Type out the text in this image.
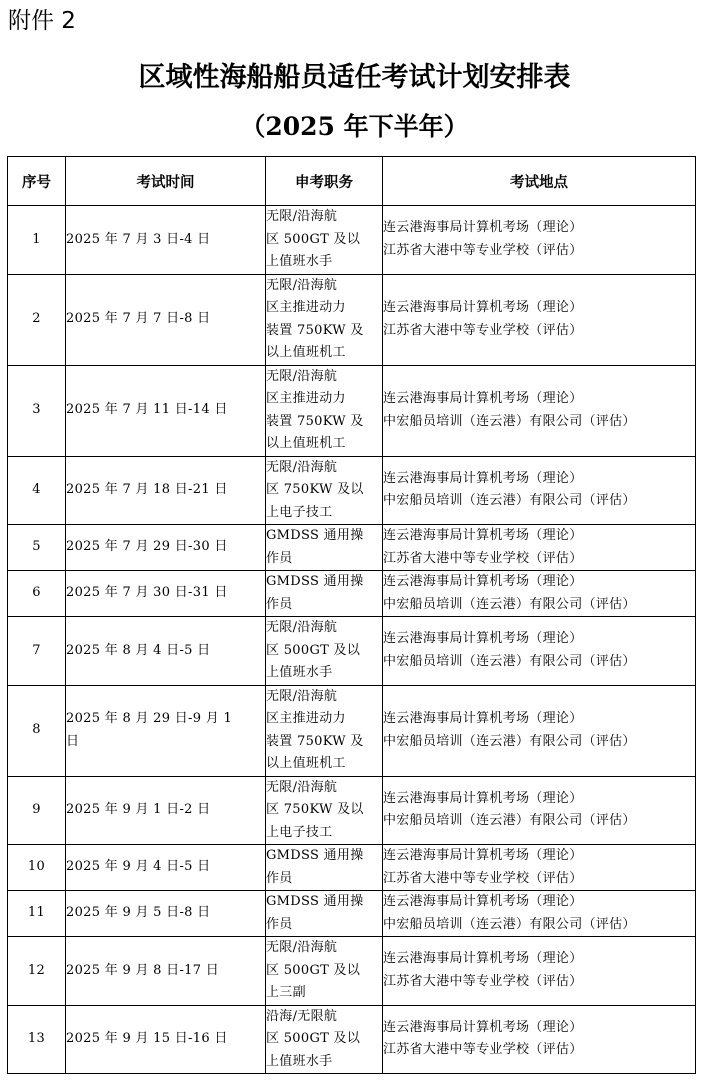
附件 2
区域性海船船员适任考试计划安排表
（2025 年下半年）
序号	考试时间	申考职务	考试地点
1	2025 年 7 月 3 日-4 日	无限/沿海航
区 500GT 及以
上值班水手	连云港海事局计算机考场（理论）
江苏省大港中等专业学校（评估）

2	2025 年 7 月 7 日-8 日	无限/沿海航
区主推进动力
装置 750KW 及
以上值班机工	连云港海事局计算机考场（理论）
江苏省大港中等专业学校（评估）

3	2025 年 7 月 11 日-14 日	无限/沿海航
区主推进动力
装置 750KW 及
以上值班机工	连云港海事局计算机考场（理论）
中宏船员培训（连云港）有限公司（评估）

4	2025 年 7 月 18 日-21 日	无限/沿海航
区 750KW 及以
上电子技工	连云港海事局计算机考场（理论）
中宏船员培训（连云港）有限公司（评估）

5	2025 年 7 月 29 日-30 日	GMDSS 通用操
作员	连云港海事局计算机考场（理论）
江苏省大港中等专业学校（评估）

6	2025 年 7 月 30 日-31 日	GMDSS 通用操
作员	连云港海事局计算机考场（理论）
中宏船员培训（连云港）有限公司（评估）

7	2025 年 8 月 4 日-5 日	无限/沿海航
区 500GT 及以
上值班水手	连云港海事局计算机考场（理论）
中宏船员培训（连云港）有限公司（评估）

8	2025 年 8 月 29 日-9 月 1
日	无限/沿海航
区主推进动力
装置 750KW 及
以上值班机工	连云港海事局计算机考场（理论）
中宏船员培训（连云港）有限公司（评估）

9	2025 年 9 月 1 日-2 日	无限/沿海航
区 750KW 及以
上电子技工	连云港海事局计算机考场（理论）
中宏船员培训（连云港）有限公司（评估）

10	2025 年 9 月 4 日-5 日	GMDSS 通用操
作员	连云港海事局计算机考场（理论）
江苏省大港中等专业学校（评估）

11	2025 年 9 月 5 日-8 日	GMDSS 通用操
作员	连云港海事局计算机考场（理论）
中宏船员培训（连云港）有限公司（评估）

12	2025 年 9 月 8 日-17 日	无限/沿海航
区 500GT 及以
上三副	连云港海事局计算机考场（理论）
江苏省大港中等专业学校（评估）

13	2025 年 9 月 15 日-16 日	沿海/无限航
区 500GT 及以
上值班水手	连云港海事局计算机考场（理论）
江苏省大港中等专业学校（评估）
